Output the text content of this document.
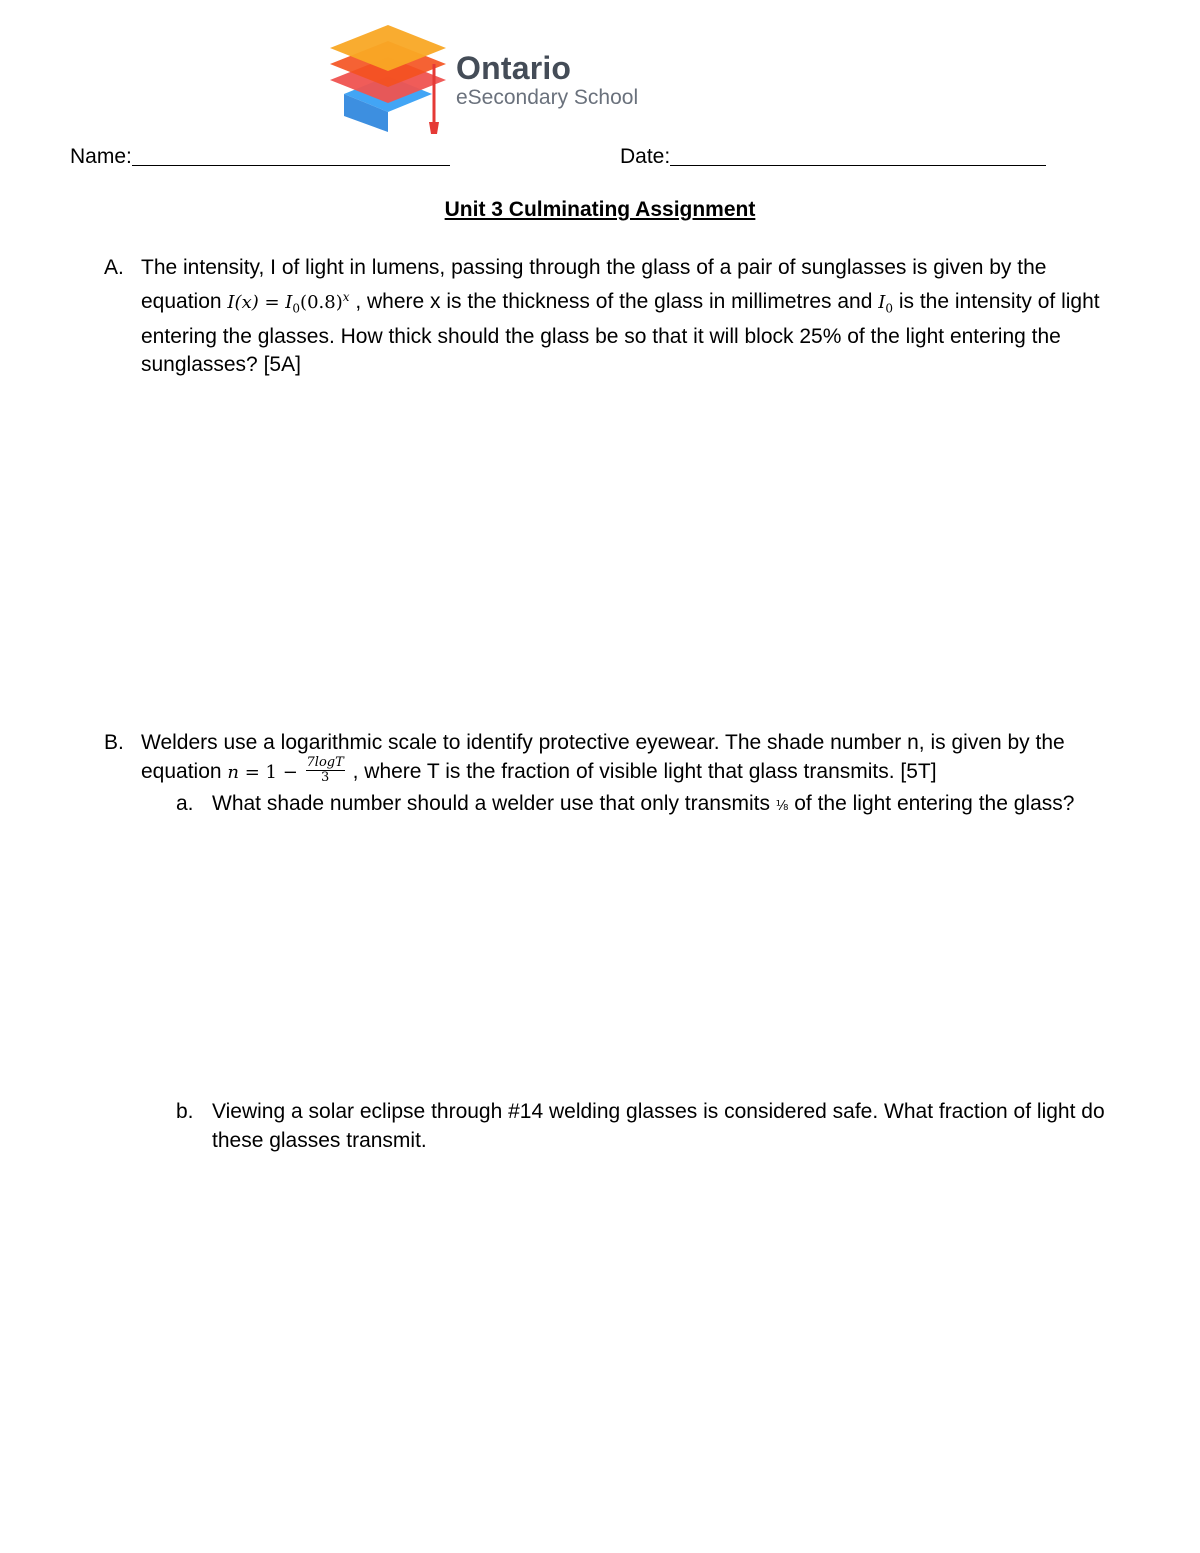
Ontario
eSecondary School
Name:	Date:
Unit 3 Culminating Assignment
A. The intensity, I of light in lumens, passing through the glass of a pair of sunglasses is given by the equation $I(x) = I_0(0.8)^x$ , where x is the thickness of the glass in millimetres and $I_0$ is the intensity of light entering the glasses. How thick should the glass be so that it will block 25% of the light entering the sunglasses? [5A]
B. Welders use a logarithmic scale to identify protective eyewear. The shade number n, is given by the equation $n = 1 - \frac{7\log T}{3}$ , where T is the fraction of visible light that glass transmits. [5T]
a. What shade number should a welder use that only transmits ⅛ of the light entering the glass?
b. Viewing a solar eclipse through #14 welding glasses is considered safe. What fraction of light do these glasses transmit.
